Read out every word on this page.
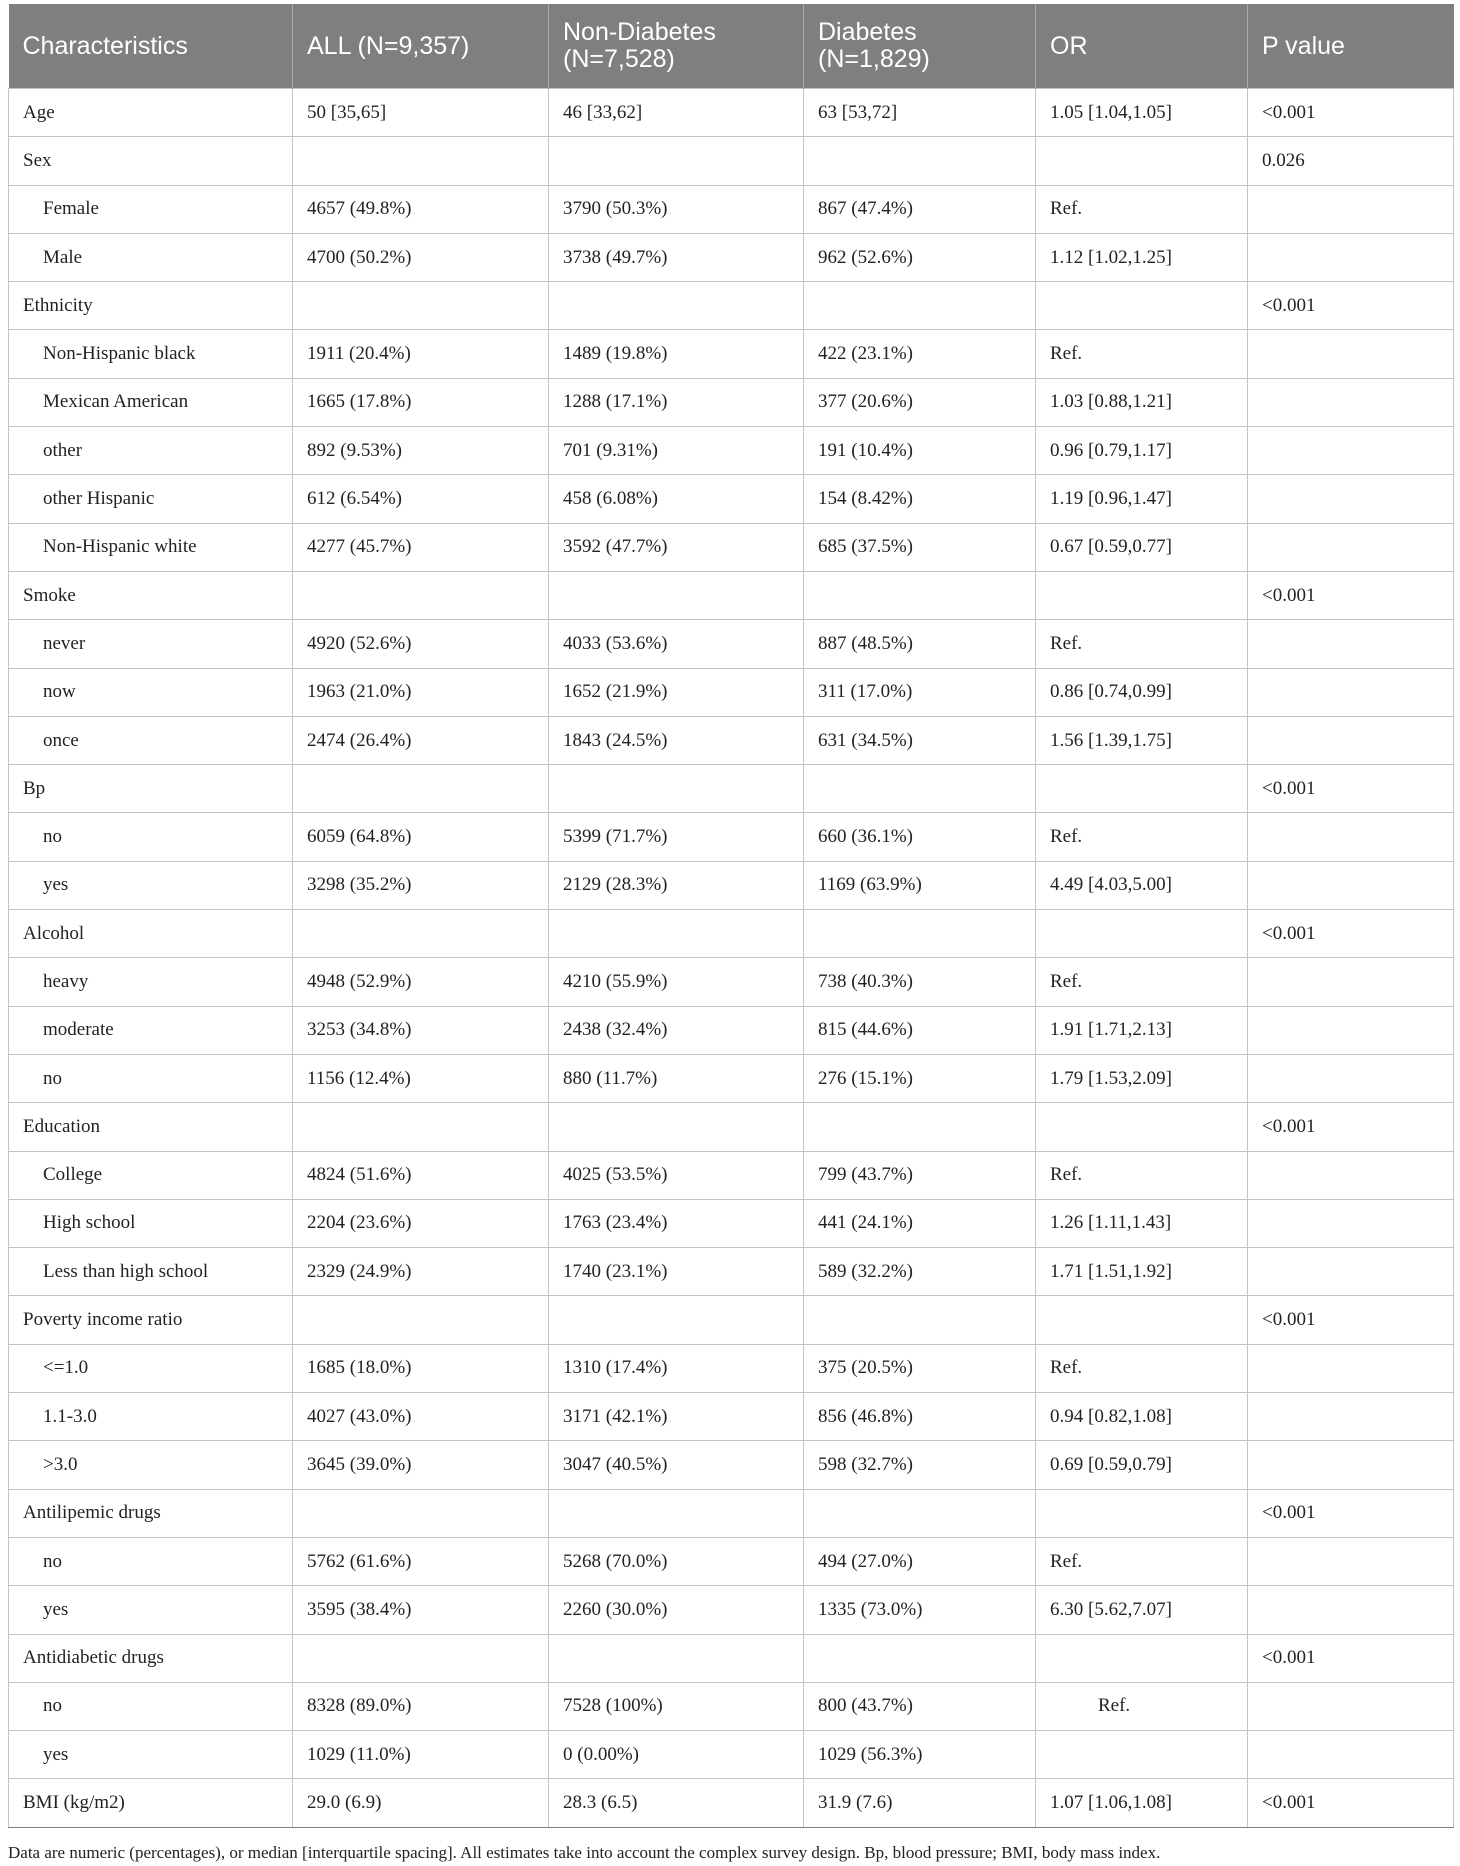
Characteristics	ALL (N=9,357)	Non-Diabetes (N=7,528)	Diabetes (N=1,829)	OR	P value
Age	50 [35,65]	46 [33,62]	63 [53,72]	1.05 [1.04,1.05]	<0.001
Sex					0.026
Female	4657 (49.8%)	3790 (50.3%)	867 (47.4%)	Ref.	
Male	4700 (50.2%)	3738 (49.7%)	962 (52.6%)	1.12 [1.02,1.25]	
Ethnicity					<0.001
Non-Hispanic black	1911 (20.4%)	1489 (19.8%)	422 (23.1%)	Ref.	
Mexican American	1665 (17.8%)	1288 (17.1%)	377 (20.6%)	1.03 [0.88,1.21]	
other	892 (9.53%)	701 (9.31%)	191 (10.4%)	0.96 [0.79,1.17]	
other Hispanic	612 (6.54%)	458 (6.08%)	154 (8.42%)	1.19 [0.96,1.47]	
Non-Hispanic white	4277 (45.7%)	3592 (47.7%)	685 (37.5%)	0.67 [0.59,0.77]	
Smoke					<0.001
never	4920 (52.6%)	4033 (53.6%)	887 (48.5%)	Ref.	
now	1963 (21.0%)	1652 (21.9%)	311 (17.0%)	0.86 [0.74,0.99]	
once	2474 (26.4%)	1843 (24.5%)	631 (34.5%)	1.56 [1.39,1.75]	
Bp					<0.001
no	6059 (64.8%)	5399 (71.7%)	660 (36.1%)	Ref.	
yes	3298 (35.2%)	2129 (28.3%)	1169 (63.9%)	4.49 [4.03,5.00]	
Alcohol					<0.001
heavy	4948 (52.9%)	4210 (55.9%)	738 (40.3%)	Ref.	
moderate	3253 (34.8%)	2438 (32.4%)	815 (44.6%)	1.91 [1.71,2.13]	
no	1156 (12.4%)	880 (11.7%)	276 (15.1%)	1.79 [1.53,2.09]	
Education					<0.001
College	4824 (51.6%)	4025 (53.5%)	799 (43.7%)	Ref.	
High school	2204 (23.6%)	1763 (23.4%)	441 (24.1%)	1.26 [1.11,1.43]	
Less than high school	2329 (24.9%)	1740 (23.1%)	589 (32.2%)	1.71 [1.51,1.92]	
Poverty income ratio					<0.001
<=1.0	1685 (18.0%)	1310 (17.4%)	375 (20.5%)	Ref.	
1.1-3.0	4027 (43.0%)	3171 (42.1%)	856 (46.8%)	0.94 [0.82,1.08]	
>3.0	3645 (39.0%)	3047 (40.5%)	598 (32.7%)	0.69 [0.59,0.79]	
Antilipemic drugs					<0.001
no	5762 (61.6%)	5268 (70.0%)	494 (27.0%)	Ref.	
yes	3595 (38.4%)	2260 (30.0%)	1335 (73.0%)	6.30 [5.62,7.07]	
Antidiabetic drugs					<0.001
no	8328 (89.0%)	7528 (100%)	800 (43.7%)	Ref.	
yes	1029 (11.0%)	0 (0.00%)	1029 (56.3%)		
BMI (kg/m2)	29.0 (6.9)	28.3 (6.5)	31.9 (7.6)	1.07 [1.06,1.08]	<0.001
Data are numeric (percentages), or median [interquartile spacing]. All estimates take into account the complex survey design. Bp, blood pressure; BMI, body mass index.
